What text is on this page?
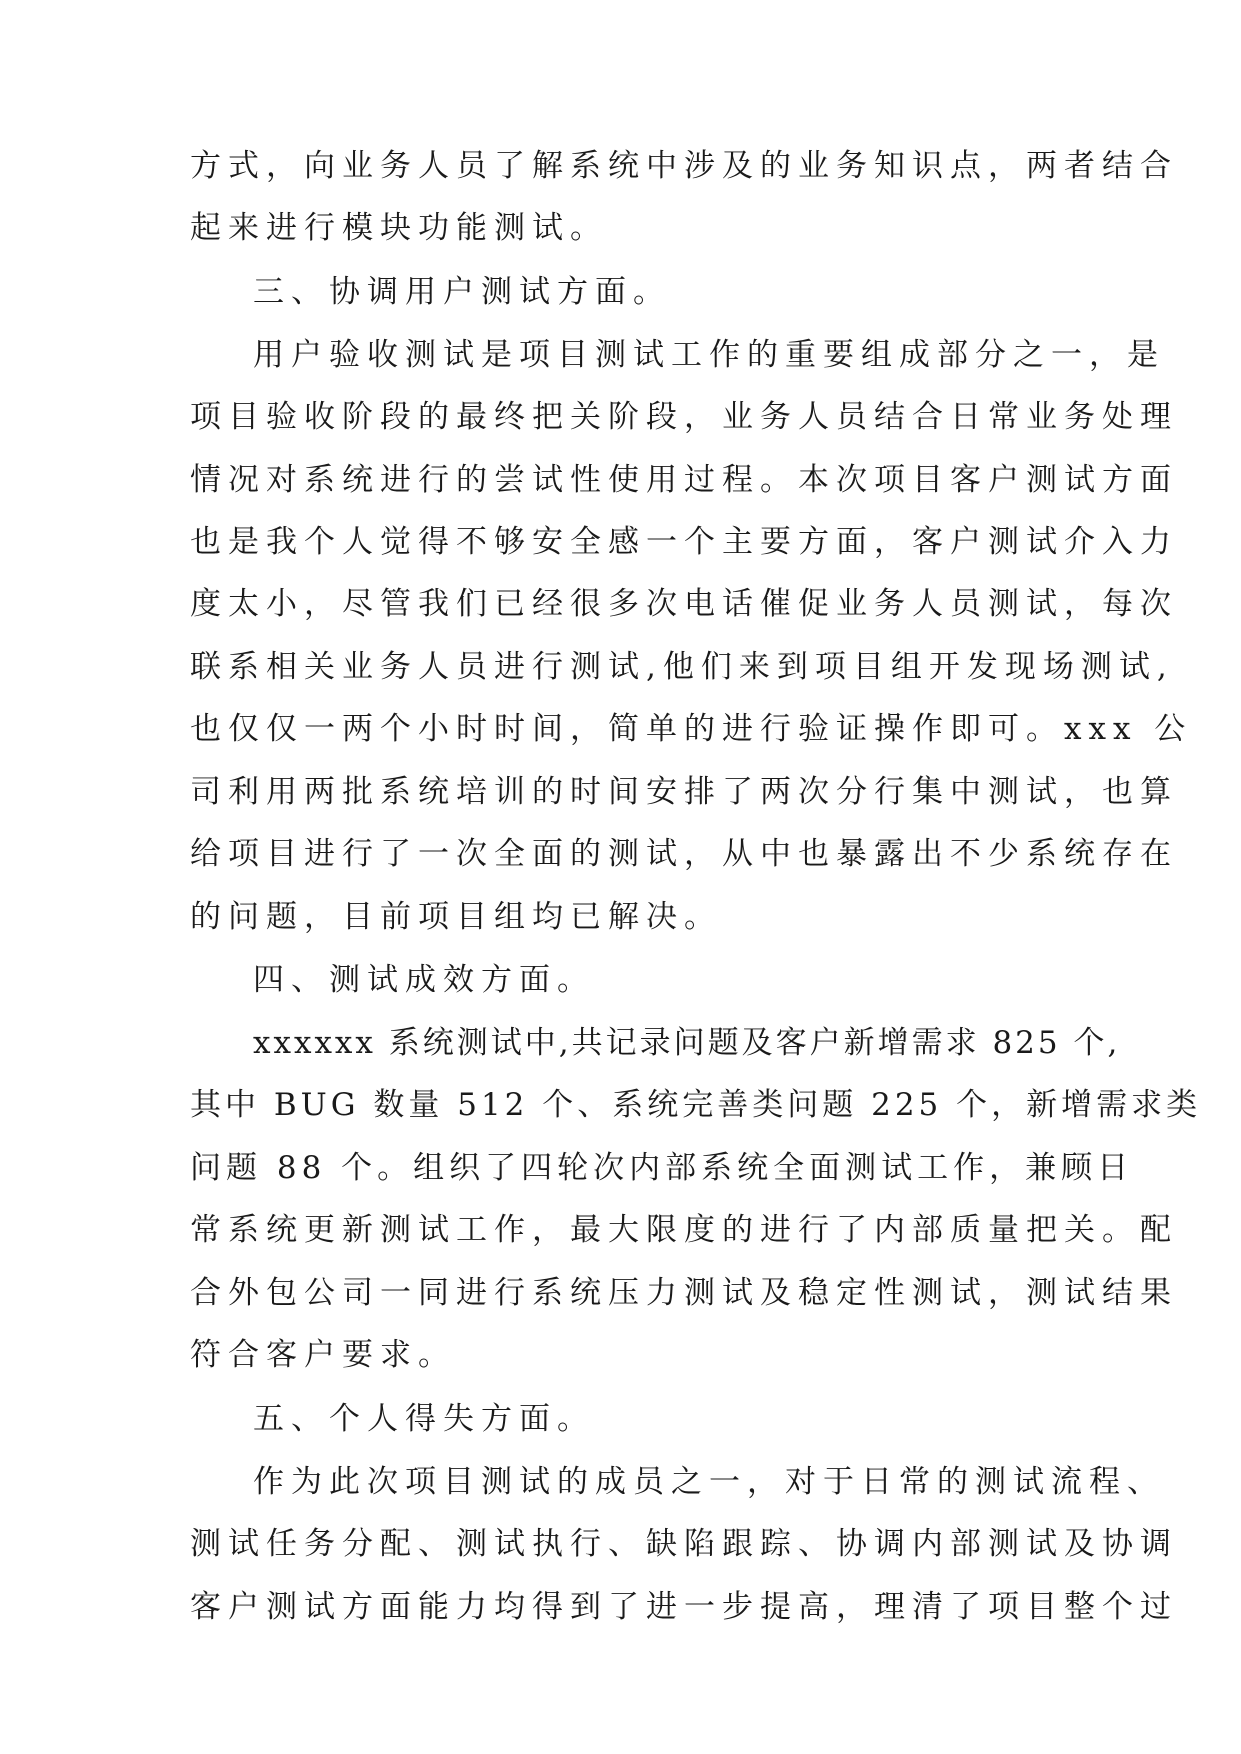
方式，向业务人员了解系统中涉及的业务知识点，两者结合
起来进行模块功能测试。
三、协调用户测试方面。
用户验收测试是项目测试工作的重要组成部分之一，是
项目验收阶段的最终把关阶段，业务人员结合日常业务处理
情况对系统进行的尝试性使用过程。本次项目客户测试方面
也是我个人觉得不够安全感一个主要方面，客户测试介入力
度太小，尽管我们已经很多次电话催促业务人员测试，每次
联系相关业务人员进行测试,他们来到项目组开发现场测试,
也仅仅一两个小时时间，简单的进行验证操作即可。xxx 公
司利用两批系统培训的时间安排了两次分行集中测试，也算
给项目进行了一次全面的测试，从中也暴露出不少系统存在
的问题，目前项目组均已解决。
四、测试成效方面。
xxxxxx 系统测试中,共记录问题及客户新增需求 825 个,
其中 BUG 数量 512 个、系统完善类问题 225 个，新增需求类
问题 88 个。组织了四轮次内部系统全面测试工作，兼顾日
常系统更新测试工作，最大限度的进行了内部质量把关。配
合外包公司一同进行系统压力测试及稳定性测试，测试结果
符合客户要求。
五、个人得失方面。
作为此次项目测试的成员之一，对于日常的测试流程、
测试任务分配、测试执行、缺陷跟踪、协调内部测试及协调
客户测试方面能力均得到了进一步提高，理清了项目整个过
